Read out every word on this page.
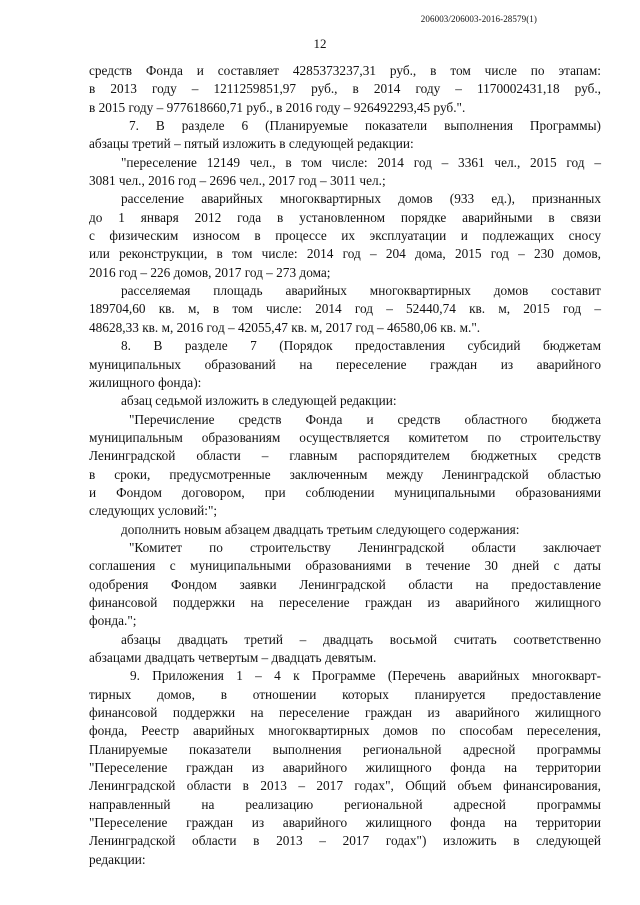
206003/206003-2016-28579(1)
12
средств Фонда и составляет 4285373237,31 руб., в том числе по этапам:
в 2013 году – 1211259851,97 руб., в 2014 году – 1170002431,18 руб.,
в 2015 году – 977618660,71 руб., в 2016 году – 926492293,45 руб.".
7. В разделе 6 (Планируемые показатели выполнения Программы)
абзацы третий – пятый изложить в следующей редакции:
"переселение 12149 чел., в том числе: 2014 год – 3361 чел., 2015 год –
3081 чел., 2016 год – 2696 чел., 2017 год – 3011 чел.;
расселение аварийных многоквартирных домов (933 ед.), признанных
до 1 января 2012 года в установленном порядке аварийными в связи
с физическим износом в процессе их эксплуатации и подлежащих сносу
или реконструкции, в том числе: 2014 год – 204 дома, 2015 год – 230 домов,
2016 год – 226 домов, 2017 год – 273 дома;
расселяемая площадь аварийных многоквартирных домов составит
189704,60 кв. м, в том числе: 2014 год – 52440,74 кв. м, 2015 год –
48628,33 кв. м, 2016 год – 42055,47 кв. м, 2017 год – 46580,06 кв. м.".
8. В разделе 7 (Порядок предоставления субсидий бюджетам
муниципальных образований на переселение граждан из аварийного
жилищного фонда):
абзац седьмой изложить в следующей редакции:
"Перечисление средств Фонда и средств областного бюджета
муниципальным образованиям осуществляется комитетом по строительству
Ленинградской области – главным распорядителем бюджетных средств
в сроки, предусмотренные заключенным между Ленинградской областью
и Фондом договором, при соблюдении муниципальными образованиями
следующих условий:";
дополнить новым абзацем двадцать третьим следующего содержания:
"Комитет по строительству Ленинградской области заключает
соглашения с муниципальными образованиями в течение 30 дней с даты
одобрения Фондом заявки Ленинградской области на предоставление
финансовой поддержки на переселение граждан из аварийного жилищного
фонда.";
абзацы двадцать третий – двадцать восьмой считать соответственно
абзацами двадцать четвертым – двадцать девятым.
9. Приложения 1 – 4 к Программе (Перечень аварийных многокварт-
тирных домов, в отношении которых планируется предоставление
финансовой поддержки на переселение граждан из аварийного жилищного
фонда, Реестр аварийных многоквартирных домов по способам переселения,
Планируемые показатели выполнения региональной адресной программы
"Переселение граждан из аварийного жилищного фонда на территории
Ленинградской области в 2013 – 2017 годах", Общий объем финансирования,
направленный на реализацию региональной адресной программы
"Переселение граждан из аварийного жилищного фонда на территории
Ленинградской области в 2013 – 2017 годах") изложить в следующей
редакции:
